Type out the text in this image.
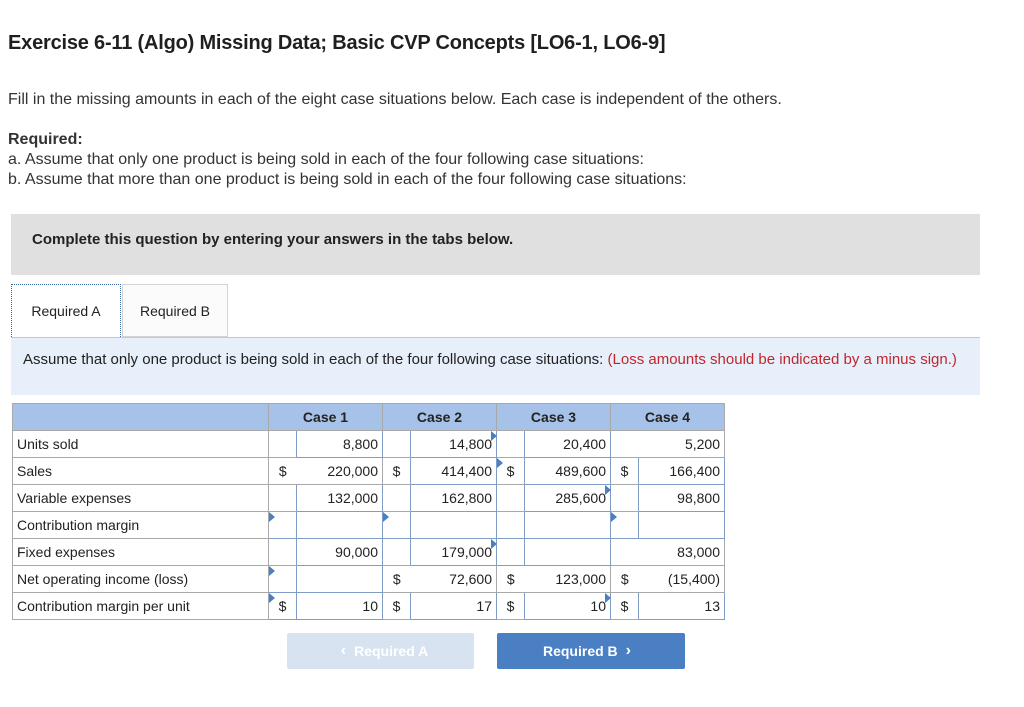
Exercise 6-11 (Algo) Missing Data; Basic CVP Concepts [LO6-1, LO6-9]
Fill in the missing amounts in each of the eight case situations below. Each case is independent of the others.
Required:
a. Assume that only one product is being sold in each of the four following case situations:
b. Assume that more than one product is being sold in each of the four following case situations:
Complete this question by entering your answers in the tabs below.
Required A	Required B
Assume that only one product is being sold in each of the four following case situations: (Loss amounts should be indicated by a minus sign.)
	Case 1		Case 2		Case 3		Case 4	
Units sold		8,800		14,800		20,400		5,200
Sales	$	220,000	$	414,400	$	489,600	$	166,400
Variable expenses		132,000		162,800		285,600		98,800
Contribution margin								
Fixed expenses		90,000		179,000				83,000
Net operating income (loss)			$	72,600	$	123,000	$	(15,400)
Contribution margin per unit	$	10	$	17	$	10	$	13
‹ Required A	Required B ›
